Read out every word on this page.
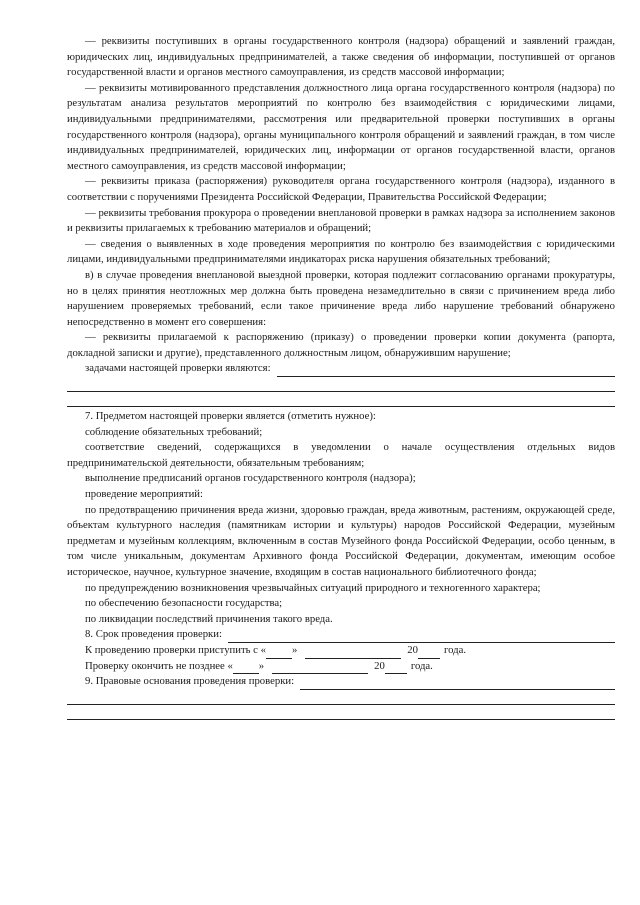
— реквизиты поступивших в органы государственного контроля (надзора) обращений и заявлений граждан, юридических лиц, индивидуальных предпринимателей, а также сведения об информации, поступившей от органов государственной власти и органов местного самоуправления, из средств массовой информации;

— реквизиты мотивированного представления должностного лица органа государственного контроля (надзора) по результатам анализа результатов мероприятий по контролю без взаимодействия с юридическими лицами, индивидуальными предпринимателями, рассмотрения или предварительной проверки поступивших в органы государственного контроля (надзора), органы муниципального контроля обращений и заявлений граждан, в том числе индивидуальных предпринимателей, юридических лиц, информации от органов государственной власти, органов местного самоуправления, из средств массовой информации;

— реквизиты приказа (распоряжения) руководителя органа государственного контроля (надзора), изданного в соответствии с поручениями Президента Российской Федерации, Правительства Российской Федерации;

— реквизиты требования прокурора о проведении внеплановой проверки в рамках надзора за исполнением законов и реквизиты прилагаемых к требованию материалов и обращений;

— сведения о выявленных в ходе проведения мероприятия по контролю без взаимодействия с юридическими лицами, индивидуальными предпринимателями индикаторах риска нарушения обязательных требований;

в) в случае проведения внеплановой выездной проверки, которая подлежит согласованию органами прокуратуры, но в целях принятия неотложных мер должна быть проведена незамедлительно в связи с причинением вреда либо нарушением проверяемых требований, если такое причинение вреда либо нарушение требований обнаружено непосредственно в момент его совершения:

— реквизиты прилагаемой к распоряжению (приказу) о проведении проверки копии документа (рапорта, докладной записки и другие), представленного должностным лицом, обнаружившим нарушение;

задачами настоящей проверки являются:

7. Предметом настоящей проверки является (отметить нужное):

соблюдение обязательных требований;

соответствие сведений, содержащихся в уведомлении о начале осуществления отдельных видов предпринимательской деятельности, обязательным требованиям;

выполнение предписаний органов государственного контроля (надзора);

проведение мероприятий:

по предотвращению причинения вреда жизни, здоровью граждан, вреда животным, растениям, окружающей среде, объектам культурного наследия (памятникам истории и культуры) народов Российской Федерации, музейным предметам и музейным коллекциям, включенным в состав Музейного фонда Российской Федерации, особо ценным, в том числе уникальным, документам Архивного фонда Российской Федерации, документам, имеющим особое историческое, научное, культурное значение, входящим в состав национального библиотечного фонда;

по предупреждению возникновения чрезвычайных ситуаций природного и техногенного характера;

по обеспечению безопасности государства;

по ликвидации последствий причинения такого вреда.

8. Срок проведения проверки:
К проведению проверки приступить с « »	20 года.
Проверку окончить не позднее « »	20 года.
9. Правовые основания проведения проверки:
